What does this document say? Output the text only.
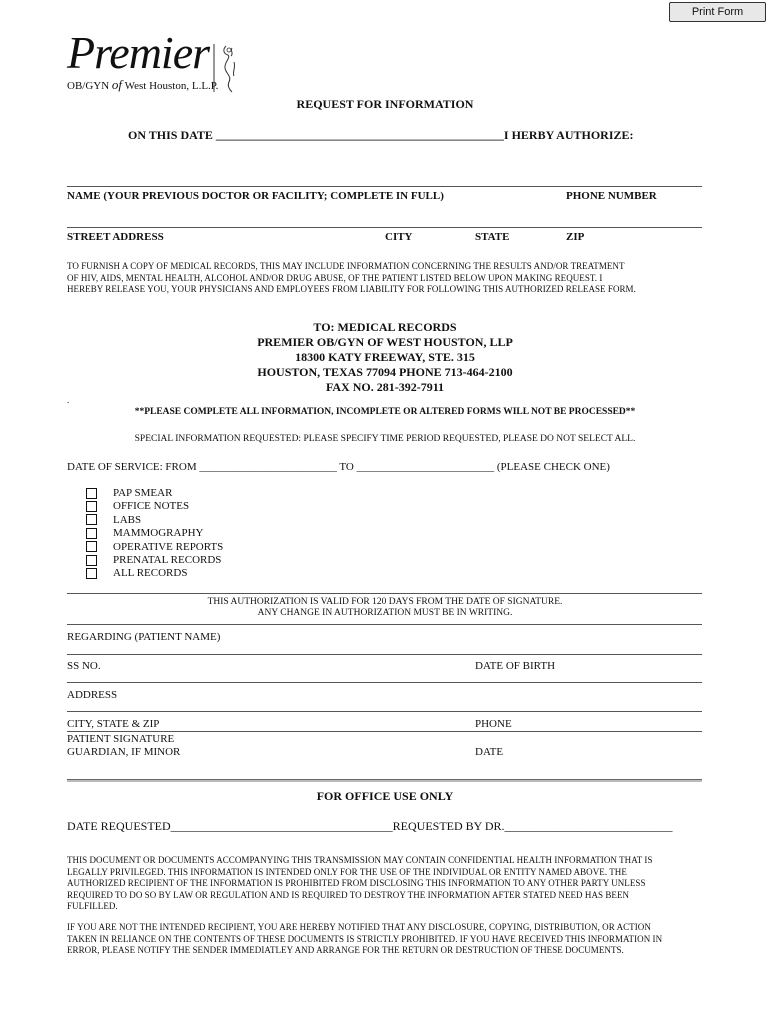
Print Form
Premier
OB/GYN of West Houston, L.L.P.
REQUEST FOR INFORMATION
ON THIS DATE ________________________________________________I HERBY AUTHORIZE:
NAME (YOUR PREVIOUS DOCTOR OR FACILITY; COMPLETE IN FULL)	PHONE NUMBER
STREET ADDRESS	CITY	STATE	ZIP
TO FURNISH A COPY OF MEDICAL RECORDS, THIS MAY INCLUDE INFORMATION CONCERNING THE RESULTS AND/OR TREATMENT
OF HIV, AIDS, MENTAL HEALTH, ALCOHOL AND/OR DRUG ABUSE, OF THE PATIENT LISTED BELOW UPON MAKING REQUEST. I
HEREBY RELEASE YOU, YOUR PHYSICIANS AND EMPLOYEES FROM LIABILITY FOR FOLLOWING THIS AUTHORIZED RELEASE FORM.
TO: MEDICAL RECORDS
PREMIER OB/GYN OF WEST HOUSTON, LLP
18300 KATY FREEWAY, STE. 315
HOUSTON, TEXAS 77094 PHONE 713-464-2100
FAX NO. 281-392-7911
.
**PLEASE COMPLETE ALL INFORMATION, INCOMPLETE OR ALTERED FORMS WILL NOT BE PROCESSED**
SPECIAL INFORMATION REQUESTED: PLEASE SPECIFY TIME PERIOD REQUESTED, PLEASE DO NOT SELECT ALL.
DATE OF SERVICE: FROM _________________________ TO _________________________ (PLEASE CHECK ONE)
PAP SMEAR
OFFICE NOTES
LABS
MAMMOGRAPHY
OPERATIVE REPORTS
PRENATAL RECORDS
ALL RECORDS
THIS AUTHORIZATION IS VALID FOR 120 DAYS FROM THE DATE OF SIGNATURE.
ANY CHANGE IN AUTHORIZATION MUST BE IN WRITING.
REGARDING (PATIENT NAME)
SS NO.	DATE OF BIRTH
ADDRESS
CITY, STATE & ZIP	PHONE
PATIENT SIGNATURE
GUARDIAN, IF MINOR	DATE
FOR OFFICE USE ONLY
DATE REQUESTED_____________________________________REQUESTED BY DR.____________________________
THIS DOCUMENT OR DOCUMENTS ACCOMPANYING THIS TRANSMISSION MAY CONTAIN CONFIDENTIAL HEALTH INFORMATION THAT IS
LEGALLY PRIVILEGED. THIS INFORMATION IS INTENDED ONLY FOR THE USE OF THE INDIVIDUAL OR ENTITY NAMED ABOVE. THE
AUTHORIZED RECIPIENT OF THE INFORMATION IS PROHIBITED FROM DISCLOSING THIS INFORMATION TO ANY OTHER PARTY UNLESS
REQUIRED TO DO SO BY LAW OR REGULATION AND IS REQUIRED TO DESTROY THE INFORMATION AFTER STATED NEED HAS BEEN
FULFILLED.
IF YOU ARE NOT THE INTENDED RECIPIENT, YOU ARE HEREBY NOTIFIED THAT ANY DISCLOSURE, COPYING, DISTRIBUTION, OR ACTION
TAKEN IN RELIANCE ON THE CONTENTS OF THESE DOCUMENTS IS STRICTLY PROHIBITED. IF YOU HAVE RECEIVED THIS INFORMATION IN
ERROR, PLEASE NOTIFY THE SENDER IMMEDIATLEY AND ARRANGE FOR THE RETURN OR DESTRUCTION OF THESE DOCUMENTS.
